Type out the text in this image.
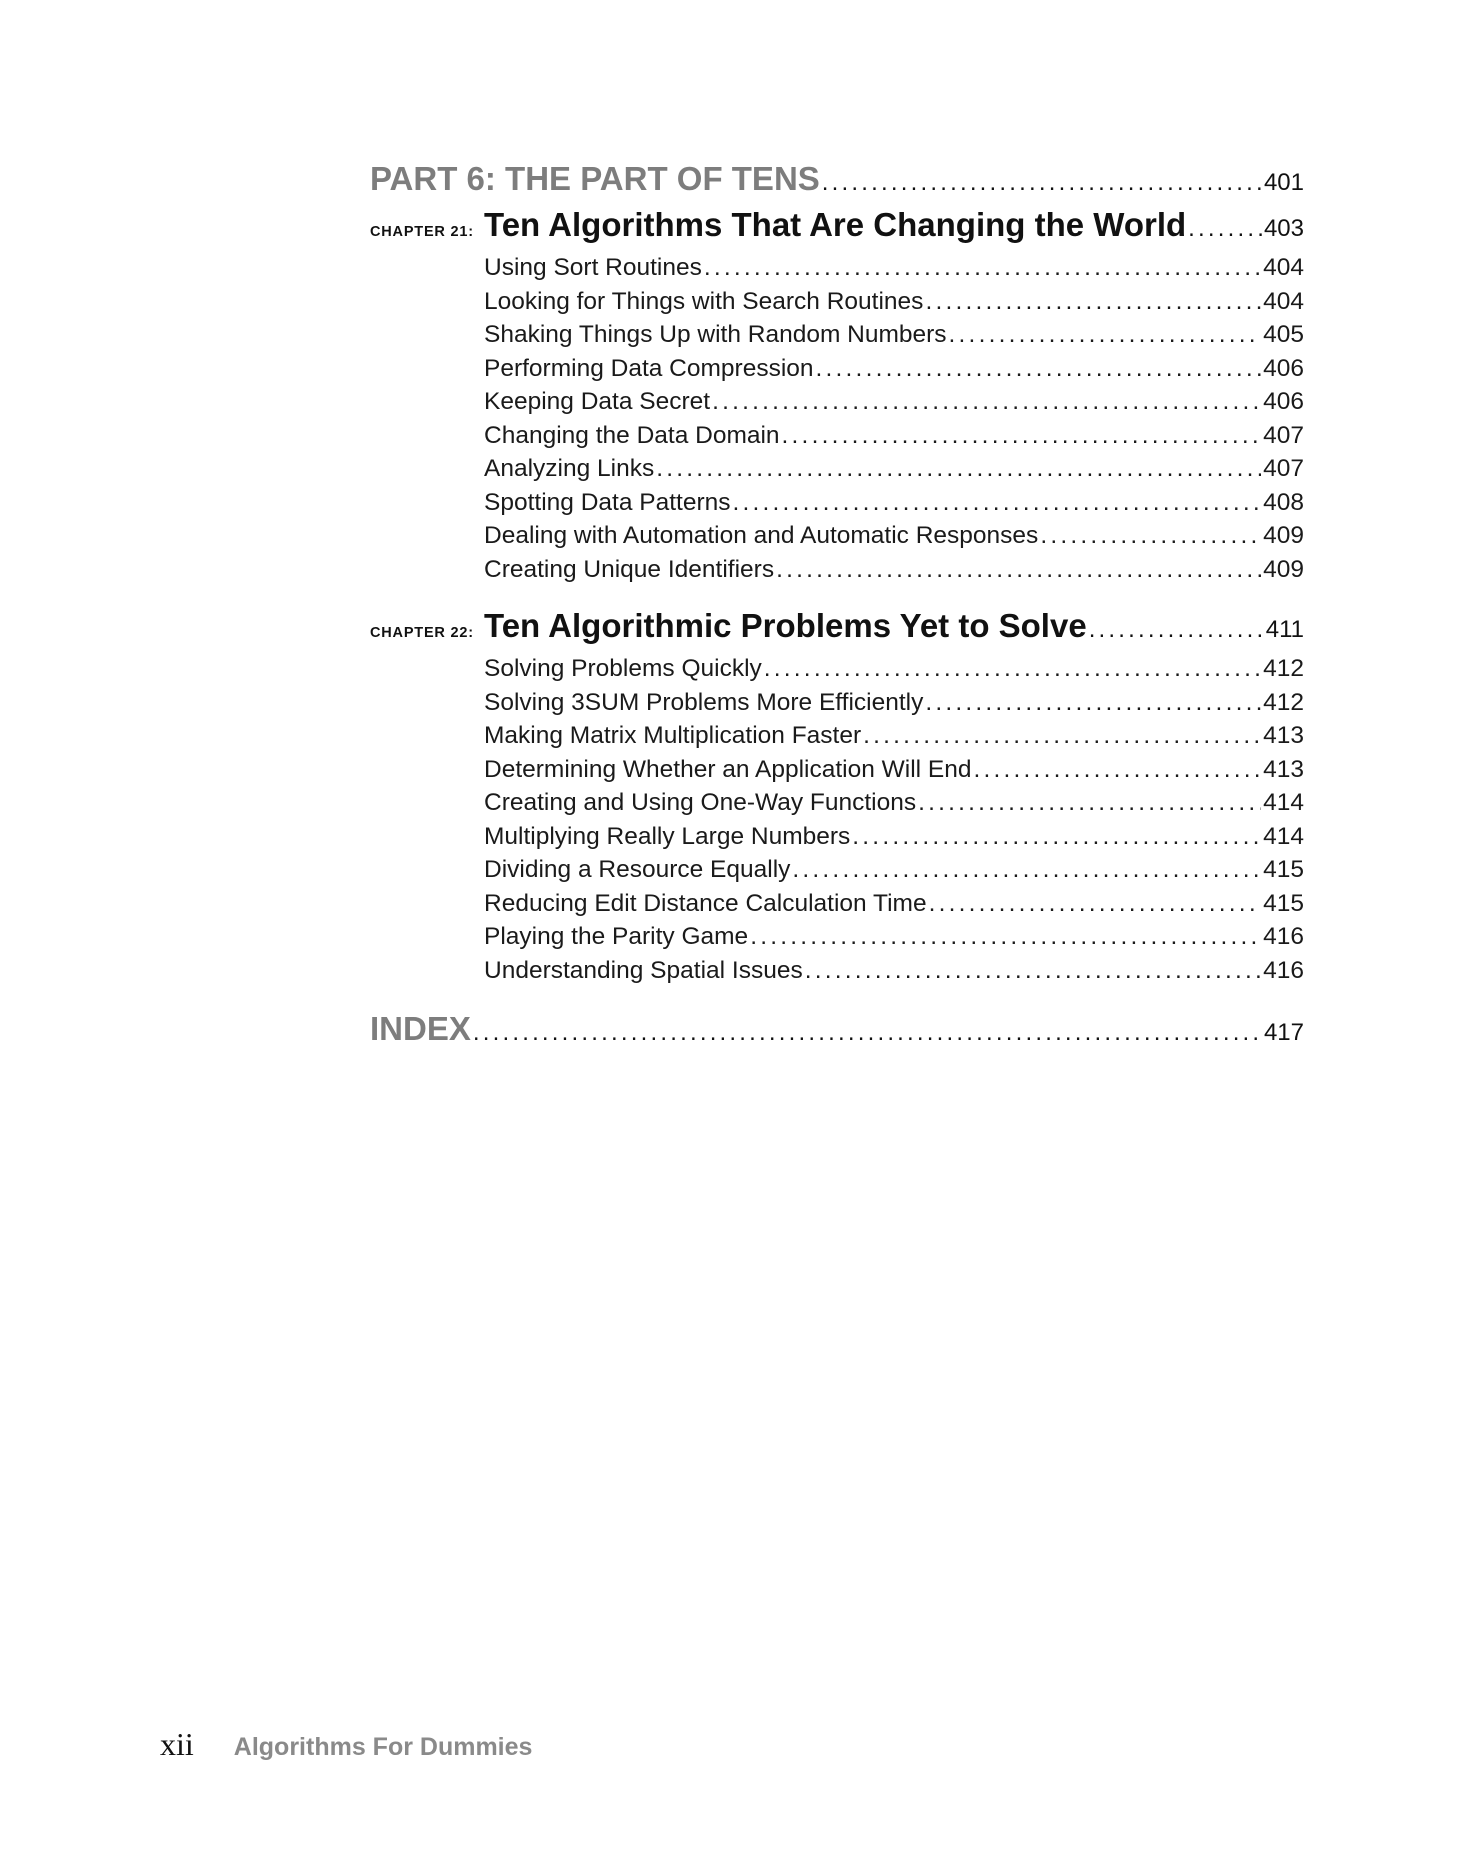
PART 6: THE PART OF TENS .....	401
CHAPTER 21: Ten Algorithms That Are Changing the World .....	403
Using Sort Routines .....	404
Looking for Things with Search Routines .....	404
Shaking Things Up with Random Numbers .....	405
Performing Data Compression .....	406
Keeping Data Secret .....	406
Changing the Data Domain .....	407
Analyzing Links .....	407
Spotting Data Patterns .....	408
Dealing with Automation and Automatic Responses .....	409
Creating Unique Identifiers .....	409
CHAPTER 22: Ten Algorithmic Problems Yet to Solve .....	411
Solving Problems Quickly .....	412
Solving 3SUM Problems More Efficiently .....	412
Making Matrix Multiplication Faster .....	413
Determining Whether an Application Will End .....	413
Creating and Using One-Way Functions .....	414
Multiplying Really Large Numbers .....	414
Dividing a Resource Equally .....	415
Reducing Edit Distance Calculation Time .....	415
Playing the Parity Game .....	416
Understanding Spatial Issues .....	416
INDEX .....	417
xii Algorithms For Dummies
